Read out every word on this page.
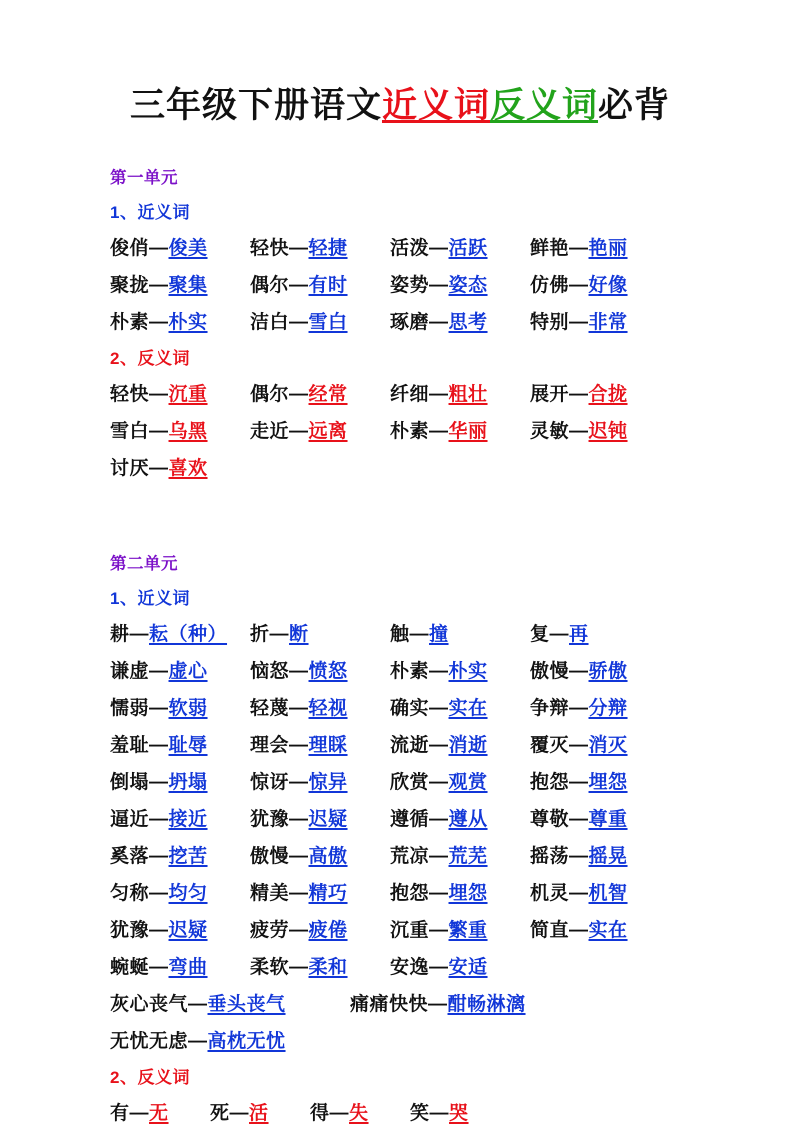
三年级下册语文近义词反义词必背
第一单元
1、近义词
俊俏—俊美	轻快—轻捷	活泼—活跃	鲜艳—艳丽
聚拢—聚集	偶尔—有时	姿势—姿态	仿佛—好像
朴素—朴实	洁白—雪白	琢磨—思考	特别—非常
2、反义词
轻快—沉重	偶尔—经常	纤细—粗壮	展开—合拢
雪白—乌黑	走近—远离	朴素—华丽	灵敏—迟钝
讨厌—喜欢
第二单元
1、近义词
耕—耘（种）	折—断	触—撞	复—再
谦虚—虚心	恼怒—愤怒	朴素—朴实	傲慢—骄傲
懦弱—软弱	轻蔑—轻视	确实—实在	争辩—分辩
羞耻—耻辱	理会—理睬	流逝—消逝	覆灭—消灭
倒塌—坍塌	惊讶—惊异	欣赏—观赏	抱怨—埋怨
逼近—接近	犹豫—迟疑	遵循—遵从	尊敬—尊重
奚落—挖苦	傲慢—高傲	荒凉—荒芜	摇荡—摇晃
匀称—均匀	精美—精巧	抱怨—埋怨	机灵—机智
犹豫—迟疑	疲劳—疲倦	沉重—繁重	简直—实在
蜿蜒—弯曲	柔软—柔和	安逸—安适
灰心丧气—垂头丧气	痛痛快快—酣畅淋漓
无忧无虑—高枕无忧
2、反义词
有—无	死—活	得—失	笑—哭
